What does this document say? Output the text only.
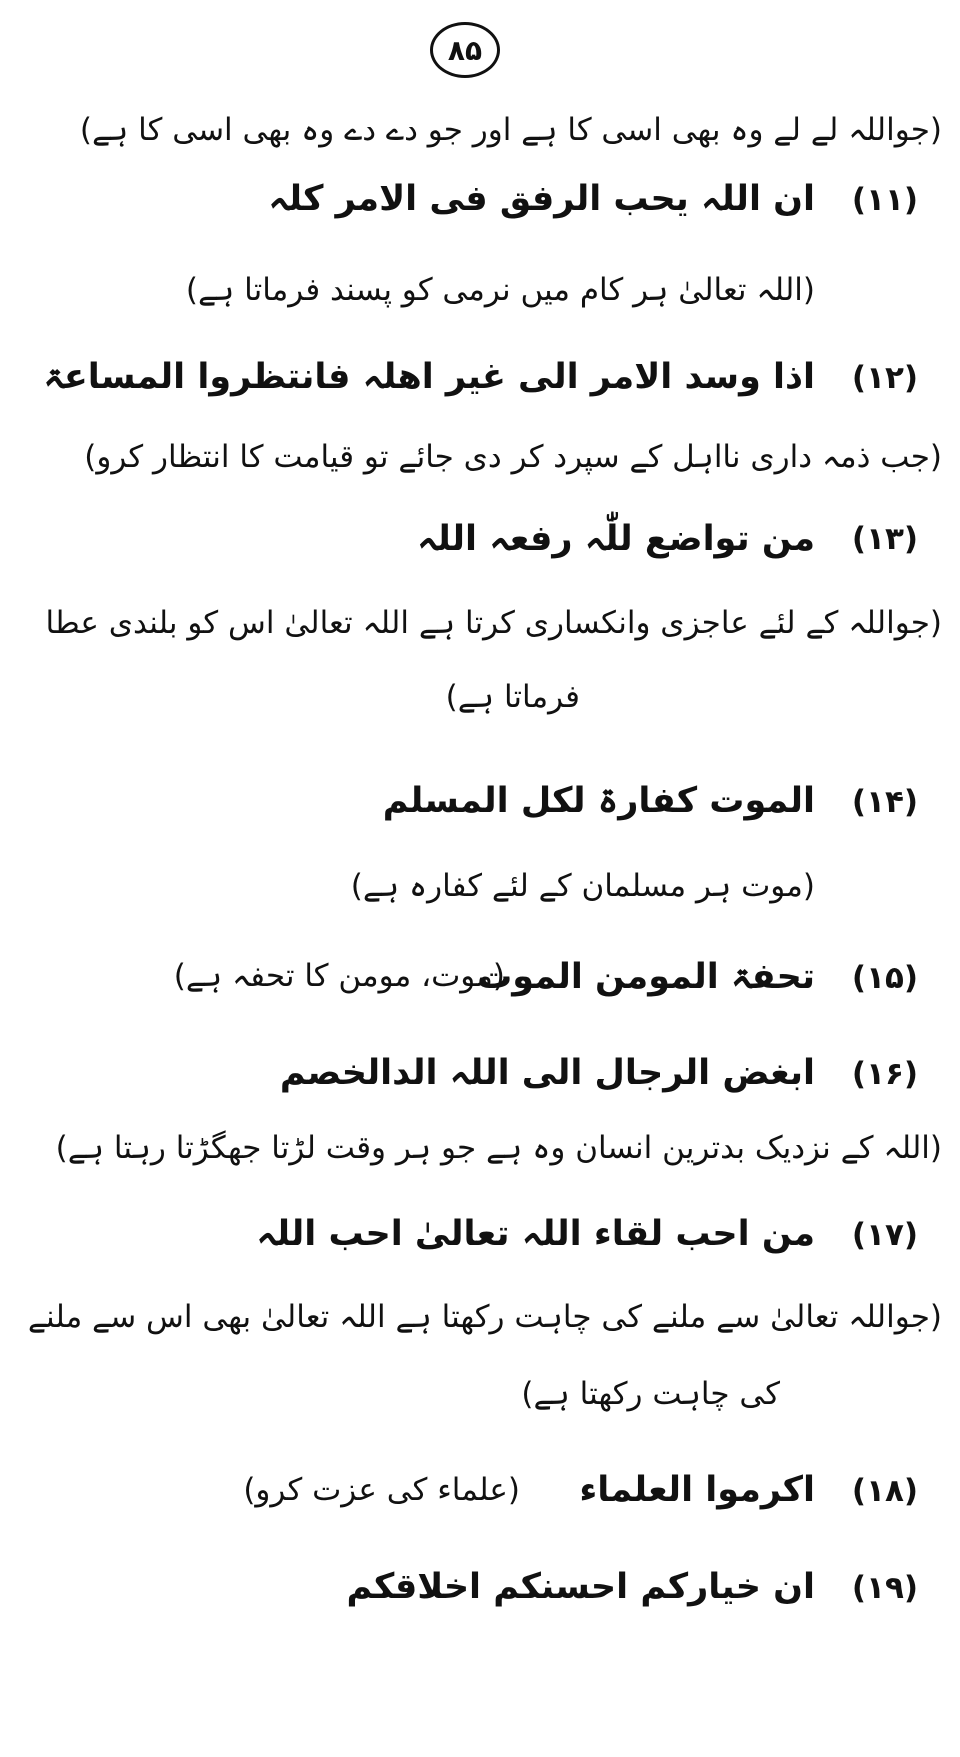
۸۵
(جواللہ لے لے وہ بھی اسی کا ہے اور جو دے دے وہ بھی اسی کا ہے)
(۱۱)
ان اللہ یحب الرفق فی الامر کلہ
(اللہ تعالیٰ ہر کام میں نرمی کو پسند فرماتا ہے)
(۱۲)
اذا وسد الامر الی غیر اھلہ فانتظروا المساعۃ
(جب ذمہ داری نااہل کے سپرد کر دی جائے تو قیامت کا انتظار کرو)
(۱۳)
من تواضع للّٰہ رفعہ اللہ
(جواللہ کے لئے عاجزی وانکساری کرتا ہے اللہ تعالیٰ اس کو بلندی عطا
فرماتا ہے)
(۱۴)
الموت کفارۃ لکل المسلم
(موت ہر مسلمان کے لئے کفارہ ہے)
(۱۵)
تحفۃ المومن الموت
(موت، مومن کا تحفہ ہے)
(۱۶)
ابغض الرجال الی اللہ الدالخصم
(اللہ کے نزدیک بدترین انسان وہ ہے جو ہر وقت لڑتا جھگڑتا رہتا ہے)
(۱۷)
من احب لقاء اللہ تعالیٰ احب اللہ
(جواللہ تعالیٰ سے ملنے کی چاہت رکھتا ہے اللہ تعالیٰ بھی اس سے ملنے
کی چاہت رکھتا ہے)
(۱۸)
اکرموا العلماء
(علماء کی عزت کرو)
(۱۹)
ان خیارکم احسنکم اخلاقکم
